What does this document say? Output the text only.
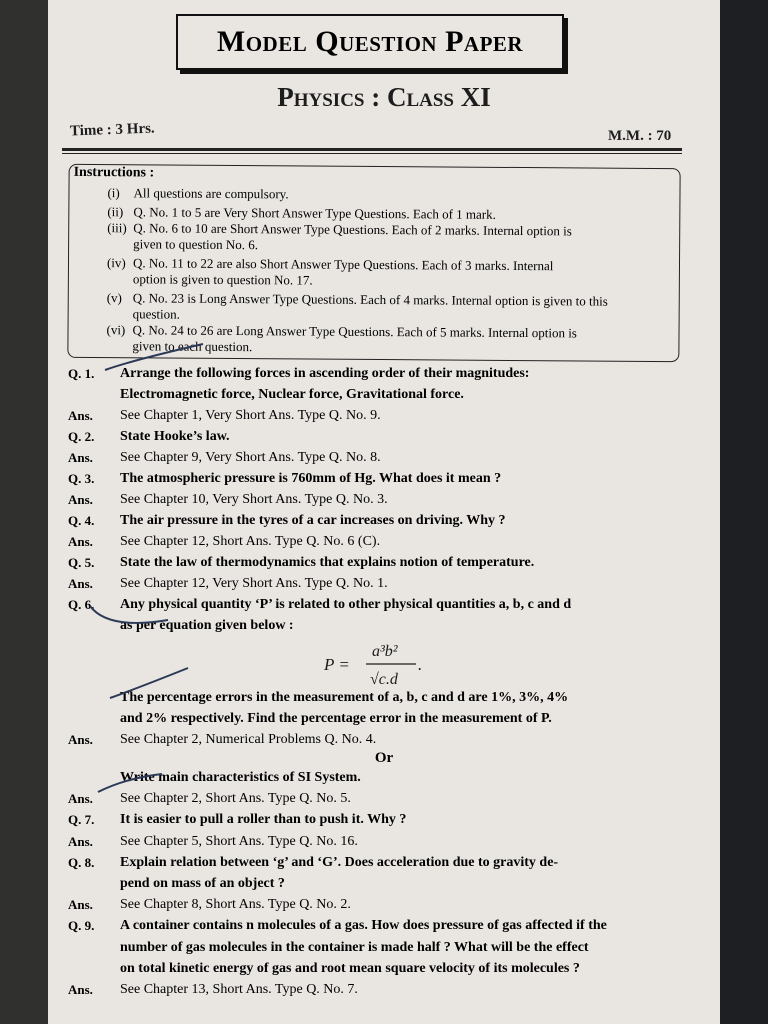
Model Question Paper
Physics : Class XI
Time : 3 Hrs.	M.M. : 70
Instructions :
(i) All questions are compulsory.
(ii) Q. No. 1 to 5 are Very Short Answer Type Questions. Each of 1 mark.
(iii) Q. No. 6 to 10 are Short Answer Type Questions. Each of 2 marks. Internal option is
given to question No. 6.
(iv) Q. No. 11 to 22 are also Short Answer Type Questions. Each of 3 marks. Internal
option is given to question No. 17.
(v) Q. No. 23 is Long Answer Type Questions. Each of 4 marks. Internal option is given to this
question.
(vi) Q. No. 24 to 26 are Long Answer Type Questions. Each of 5 marks. Internal option is
given to each question.
Q. 1. Arrange the following forces in ascending order of their magnitudes:
Electromagnetic force, Nuclear force, Gravitational force.
Ans. See Chapter 1, Very Short Ans. Type Q. No. 9.
Q. 2. State Hooke’s law.
Ans. See Chapter 9, Very Short Ans. Type Q. No. 8.
Q. 3. The atmospheric pressure is 760mm of Hg. What does it mean ?
Ans. See Chapter 10, Very Short Ans. Type Q. No. 3.
Q. 4. The air pressure in the tyres of a car increases on driving. Why ?
Ans. See Chapter 12, Short Ans. Type Q. No. 6 (C).
Q. 5. State the law of thermodynamics that explains notion of temperature.
Ans. See Chapter 12, Very Short Ans. Type Q. No. 1.
Q. 6. Any physical quantity ‘P’ is related to other physical quantities a, b, c and d
as per equation given below :
P =
a³b²
√c.d
.
The percentage errors in the measurement of a, b, c and d are 1%, 3%, 4%
and 2% respectively. Find the percentage error in the measurement of P.
Ans. See Chapter 2, Numerical Problems Q. No. 4.
Or
Write main characteristics of SI System.
Ans. See Chapter 2, Short Ans. Type Q. No. 5.
Q. 7. It is easier to pull a roller than to push it. Why ?
Ans. See Chapter 5, Short Ans. Type Q. No. 16.
Q. 8. Explain relation between ‘g’ and ‘G’. Does acceleration due to gravity de-
pend on mass of an object ?
Ans. See Chapter 8, Short Ans. Type Q. No. 2.
Q. 9. A container contains n molecules of a gas. How does pressure of gas affected if the
number of gas molecules in the container is made half ? What will be the effect
on total kinetic energy of gas and root mean square velocity of its molecules ?
Ans. See Chapter 13, Short Ans. Type Q. No. 7.
